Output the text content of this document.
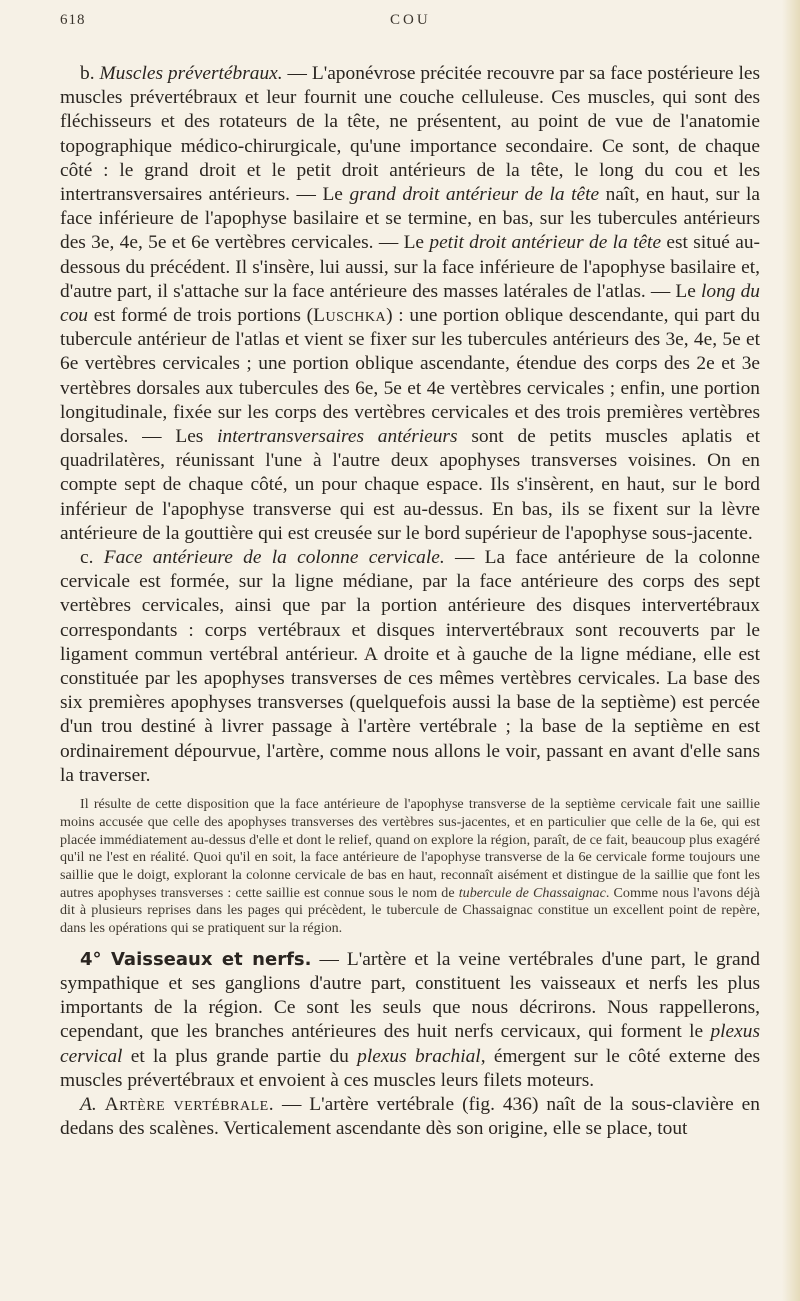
618	COU

b. Muscles prévertébraux. — L'aponévrose précitée recouvre par sa face postérieure les muscles prévertébraux et leur fournit une couche celluleuse. Ces muscles, qui sont des fléchisseurs et des rotateurs de la tête, ne présentent, au point de vue de l'anatomie topographique médico-chirurgicale, qu'une importance secondaire. Ce sont, de chaque côté : le grand droit et le petit droit antérieurs de la tête, le long du cou et les intertransversaires antérieurs. — Le grand droit antérieur de la tête naît, en haut, sur la face inférieure de l'apophyse basilaire et se termine, en bas, sur les tubercules antérieurs des 3e, 4e, 5e et 6e vertèbres cervicales. — Le petit droit antérieur de la tête est situé au-dessous du précédent. Il s'insère, lui aussi, sur la face inférieure de l'apophyse basilaire et, d'autre part, il s'attache sur la face antérieure des masses latérales de l'atlas. — Le long du cou est formé de trois portions (Luschka) : une portion oblique descendante, qui part du tubercule antérieur de l'atlas et vient se fixer sur les tubercules antérieurs des 3e, 4e, 5e et 6e vertèbres cervicales ; une portion oblique ascendante, étendue des corps des 2e et 3e vertèbres dorsales aux tubercules des 6e, 5e et 4e vertèbres cervicales ; enfin, une portion longitudinale, fixée sur les corps des vertèbres cervicales et des trois premières vertèbres dorsales. — Les intertransversaires antérieurs sont de petits muscles aplatis et quadrilatères, réunissant l'une à l'autre deux apophyses transverses voisines. On en compte sept de chaque côté, un pour chaque espace. Ils s'insèrent, en haut, sur le bord inférieur de l'apophyse transverse qui est au-dessus. En bas, ils se fixent sur la lèvre antérieure de la gouttière qui est creusée sur le bord supérieur de l'apophyse sous-jacente.

c. Face antérieure de la colonne cervicale. — La face antérieure de la colonne cervicale est formée, sur la ligne médiane, par la face antérieure des corps des sept vertèbres cervicales, ainsi que par la portion antérieure des disques intervertébraux correspondants : corps vertébraux et disques intervertébraux sont recouverts par le ligament commun vertébral antérieur. A droite et à gauche de la ligne médiane, elle est constituée par les apophyses transverses de ces mêmes vertèbres cervicales. La base des six premières apophyses transverses (quelquefois aussi la base de la septième) est percée d'un trou destiné à livrer passage à l'artère vertébrale ; la base de la septième en est ordinairement dépourvue, l'artère, comme nous allons le voir, passant en avant d'elle sans la traverser.

Il résulte de cette disposition que la face antérieure de l'apophyse transverse de la septième cervicale fait une saillie moins accusée que celle des apophyses transverses des vertèbres sus-jacentes, et en particulier que celle de la 6e, qui est placée immédiatement au-dessus d'elle et dont le relief, quand on explore la région, paraît, de ce fait, beaucoup plus exagéré qu'il ne l'est en réalité. Quoi qu'il en soit, la face antérieure de l'apophyse transverse de la 6e cervicale forme toujours une saillie que le doigt, explorant la colonne cervicale de bas en haut, reconnaît aisément et distingue de la saillie que font les autres apophyses transverses : cette saillie est connue sous le nom de tubercule de Chassaignac. Comme nous l'avons déjà dit à plusieurs reprises dans les pages qui précèdent, le tubercule de Chassaignac constitue un excellent point de repère, dans les opérations qui se pratiquent sur la région.

4° Vaisseaux et nerfs. — L'artère et la veine vertébrales d'une part, le grand sympathique et ses ganglions d'autre part, constituent les vaisseaux et nerfs les plus importants de la région. Ce sont les seuls que nous décrirons. Nous rappellerons, cependant, que les branches antérieures des huit nerfs cervicaux, qui forment le plexus cervical et la plus grande partie du plexus brachial, émergent sur le côté externe des muscles prévertébraux et envoient à ces muscles leurs filets moteurs.

A. Artère vertébrale. — L'artère vertébrale (fig. 436) naît de la sous-clavière en dedans des scalènes. Verticalement ascendante dès son origine, elle se place, tout
